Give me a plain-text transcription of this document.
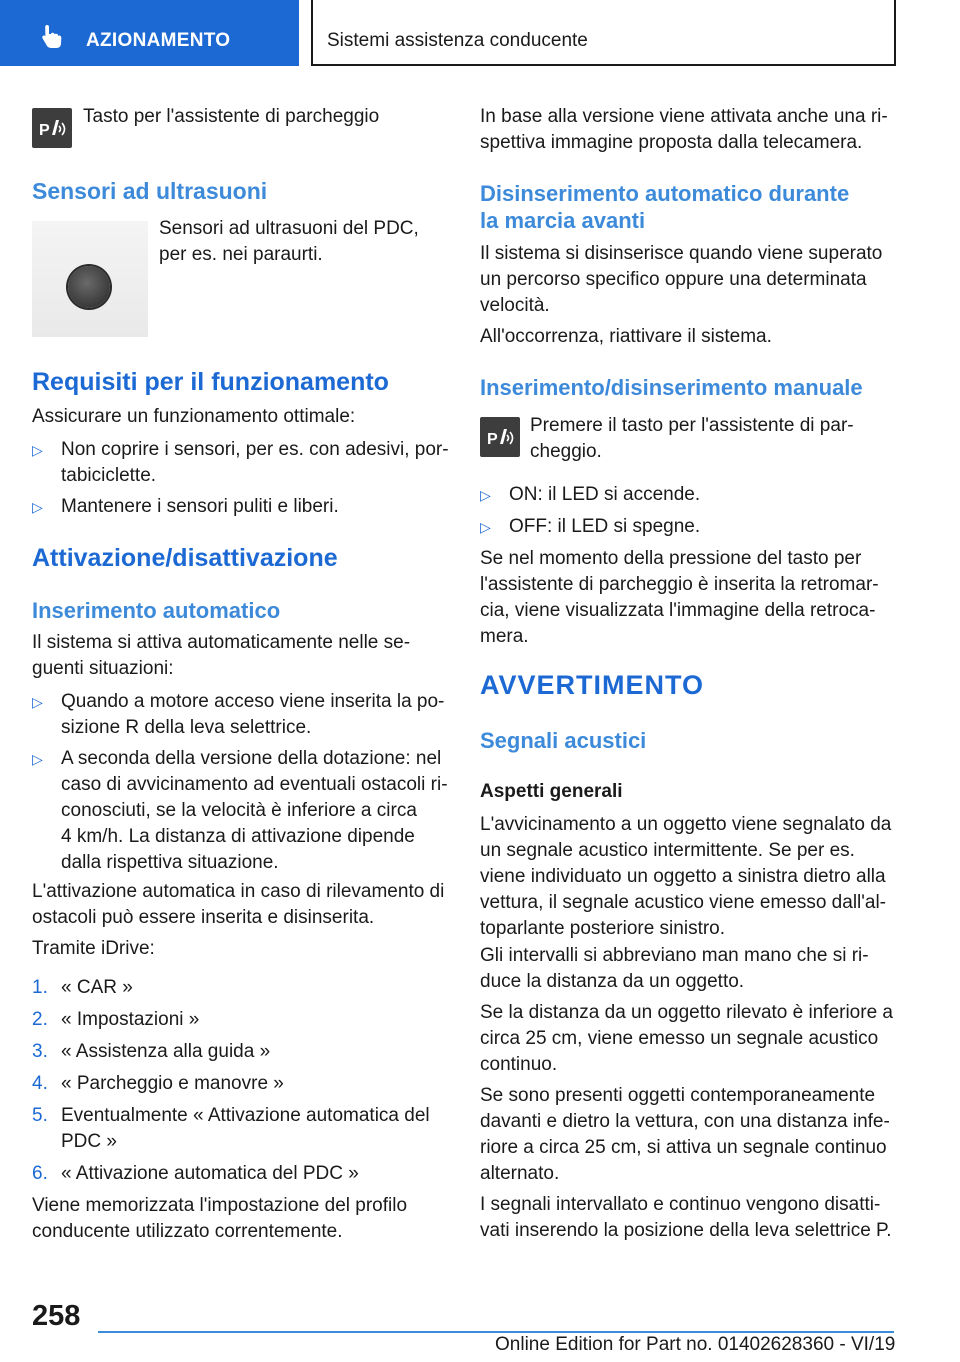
AZIONAMENTO	Sistemi assistenza conducente
P
Tasto per l'assistente di parcheggio
Sensori ad ultrasuoni
Sensori ad ultrasuoni del PDC,
per es. nei paraurti.
Requisiti per il funzionamento
Assicurare un funzionamento ottimale:
▷ Non coprire i sensori, per es. con adesivi, por-
tabiciclette.
▷ Mantenere i sensori puliti e liberi.
Attivazione/disattivazione
Inserimento automatico
Il sistema si attiva automaticamente nelle se-
guenti situazioni:
▷ Quando a motore acceso viene inserita la po-
sizione R della leva selettrice.
▷ A seconda della versione della dotazione: nel
caso di avvicinamento ad eventuali ostacoli ri-
conosciuti, se la velocità è inferiore a circa
4 km/h. La distanza di attivazione dipende
dalla rispettiva situazione.
L'attivazione automatica in caso di rilevamento di
ostacoli può essere inserita e disinserita.
Tramite iDrive:
1. « CAR »
2. « Impostazioni »
3. « Assistenza alla guida »
4. « Parcheggio e manovre »
5. Eventualmente « Attivazione automatica del
PDC »
6. « Attivazione automatica del PDC »
Viene memorizzata l'impostazione del profilo
conducente utilizzato correntemente.
In base alla versione viene attivata anche una ri-
spettiva immagine proposta dalla telecamera.
Disinserimento automatico durante
la marcia avanti
Il sistema si disinserisce quando viene superato
un percorso specifico oppure una determinata
velocità.
All'occorrenza, riattivare il sistema.
Inserimento/disinserimento manuale
P
Premere il tasto per l'assistente di par-
cheggio.
▷ ON: il LED si accende.
▷ OFF: il LED si spegne.
Se nel momento della pressione del tasto per
l'assistente di parcheggio è inserita la retromar-
cia, viene visualizzata l'immagine della retroca-
mera.
AVVERTIMENTO
Segnali acustici
Aspetti generali
L'avvicinamento a un oggetto viene segnalato da
un segnale acustico intermittente. Se per es.
viene individuato un oggetto a sinistra dietro alla
vettura, il segnale acustico viene emesso dall'al-
toparlante posteriore sinistro.
Gli intervalli si abbreviano man mano che si ri-
duce la distanza da un oggetto.
Se la distanza da un oggetto rilevato è inferiore a
circa 25 cm, viene emesso un segnale acustico
continuo.
Se sono presenti oggetti contemporaneamente
davanti e dietro la vettura, con una distanza infe-
riore a circa 25 cm, si attiva un segnale continuo
alternato.
I segnali intervallato e continuo vengono disatti-
vati inserendo la posizione della leva selettrice P.
258
Online Edition for Part no. 01402628360 - VI/19
